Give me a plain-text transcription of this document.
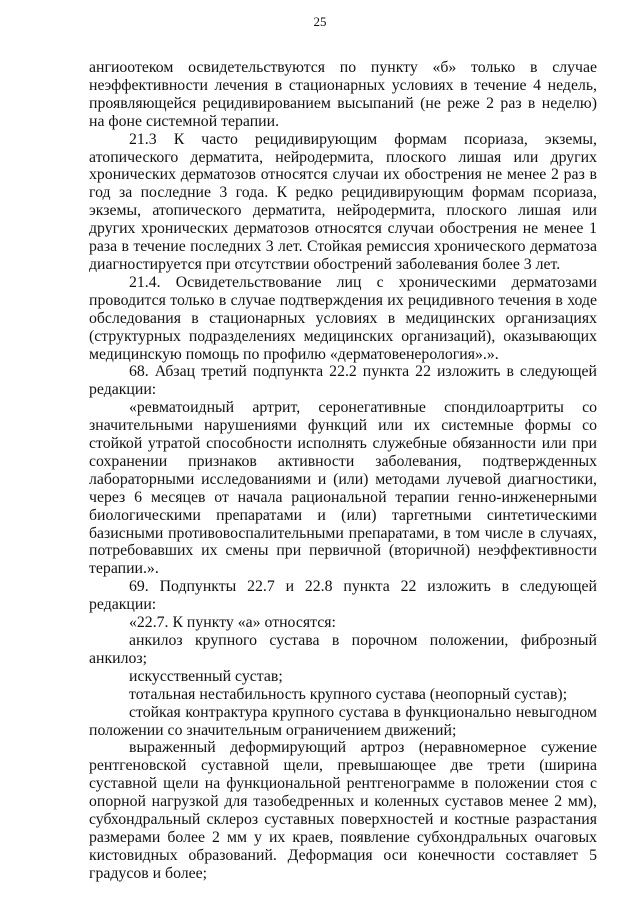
25

ангиоотеком освидетельствуются по пункту «б» только в случае неэффективности лечения в стационарных условиях в течение 4 недель, проявляющейся рецидивированием высыпаний (не реже 2 раз в неделю) на фоне системной терапии.

21.3 К часто рецидивирующим формам псориаза, экземы, атопического дерматита, нейродермита, плоского лишая или других хронических дерматозов относятся случаи их обострения не менее 2 раз в год за последние 3 года. К редко рецидивирующим формам псориаза, экземы, атопического дерматита, нейродермита, плоского лишая или других хронических дерматозов относятся случаи обострения не менее 1 раза в течение последних 3 лет. Стойкая ремиссия хронического дерматоза диагностируется при отсутствии обострений заболевания более 3 лет.

21.4. Освидетельствование лиц с хроническими дерматозами проводится только в случае подтверждения их рецидивного течения в ходе обследования в стационарных условиях в медицинских организациях (структурных подразделениях медицинских организаций), оказывающих медицинскую помощь по профилю «дерматовенерология».».

68. Абзац третий подпункта 22.2 пункта 22 изложить в следующей редакции:

«ревматоидный артрит, серонегативные спондилоартриты со значительными нарушениями функций или их системные формы со стойкой утратой способности исполнять служебные обязанности или при сохранении признаков активности заболевания, подтвержденных лабораторными исследованиями и (или) методами лучевой диагностики, через 6 месяцев от начала рациональной терапии генно-инженерными биологическими препаратами и (или) таргетными синтетическими базисными противовоспалительными препаратами, в том числе в случаях, потребовавших их смены при первичной (вторичной) неэффективности терапии.».

69. Подпункты 22.7 и 22.8 пункта 22 изложить в следующей редакции:

«22.7. К пункту «а» относятся:

анкилоз крупного сустава в порочном положении, фиброзный анкилоз;

искусственный сустав;

тотальная нестабильность крупного сустава (неопорный сустав);

стойкая контрактура крупного сустава в функционально невыгодном положении со значительным ограничением движений;

выраженный деформирующий артроз (неравномерное сужение рентгеновской суставной щели, превышающее две трети (ширина суставной щели на функциональной рентгенограмме в положении стоя с опорной нагрузкой для тазобедренных и коленных суставов менее 2 мм), субхондральный склероз суставных поверхностей и костные разрастания размерами более 2 мм у их краев, появление субхондральных очаговых кистовидных образований. Деформация оси конечности составляет 5 градусов и более;
